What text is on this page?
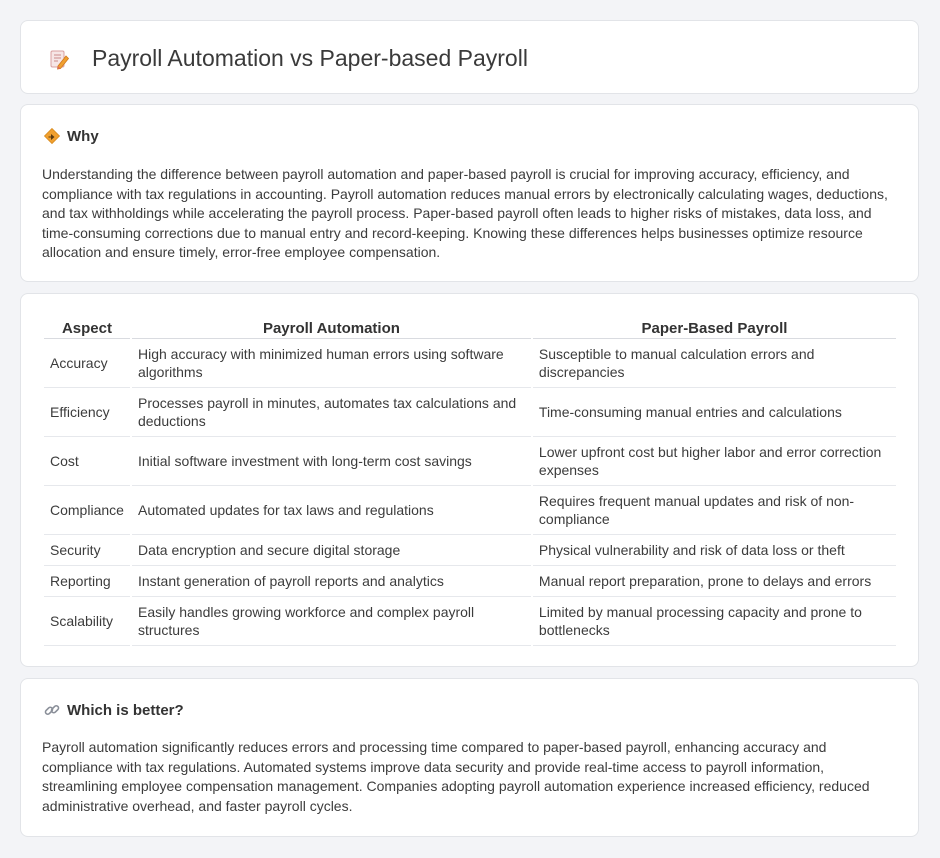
Payroll Automation vs Paper-based Payroll
Why

Understanding the difference between payroll automation and paper-based payroll is crucial for improving accuracy, efficiency, and compliance with tax regulations in accounting. Payroll automation reduces manual errors by electronically calculating wages, deductions, and tax withholdings while accelerating the payroll process. Paper-based payroll often leads to higher risks of mistakes, data loss, and time-consuming corrections due to manual entry and record-keeping. Knowing these differences helps businesses optimize resource allocation and ensure timely, error-free employee compensation.

Aspect	Payroll Automation	Paper-Based Payroll
Accuracy	High accuracy with minimized human errors using software algorithms	Susceptible to manual calculation errors and discrepancies
Efficiency	Processes payroll in minutes, automates tax calculations and deductions	Time-consuming manual entries and calculations
Cost	Initial software investment with long-term cost savings	Lower upfront cost but higher labor and error correction expenses
Compliance	Automated updates for tax laws and regulations	Requires frequent manual updates and risk of non-compliance
Security	Data encryption and secure digital storage	Physical vulnerability and risk of data loss or theft
Reporting	Instant generation of payroll reports and analytics	Manual report preparation, prone to delays and errors
Scalability	Easily handles growing workforce and complex payroll structures	Limited by manual processing capacity and prone to bottlenecks
Which is better?

Payroll automation significantly reduces errors and processing time compared to paper-based payroll, enhancing accuracy and compliance with tax regulations. Automated systems improve data security and provide real-time access to payroll information, streamlining employee compensation management. Companies adopting payroll automation experience increased efficiency, reduced administrative overhead, and faster payroll cycles.
